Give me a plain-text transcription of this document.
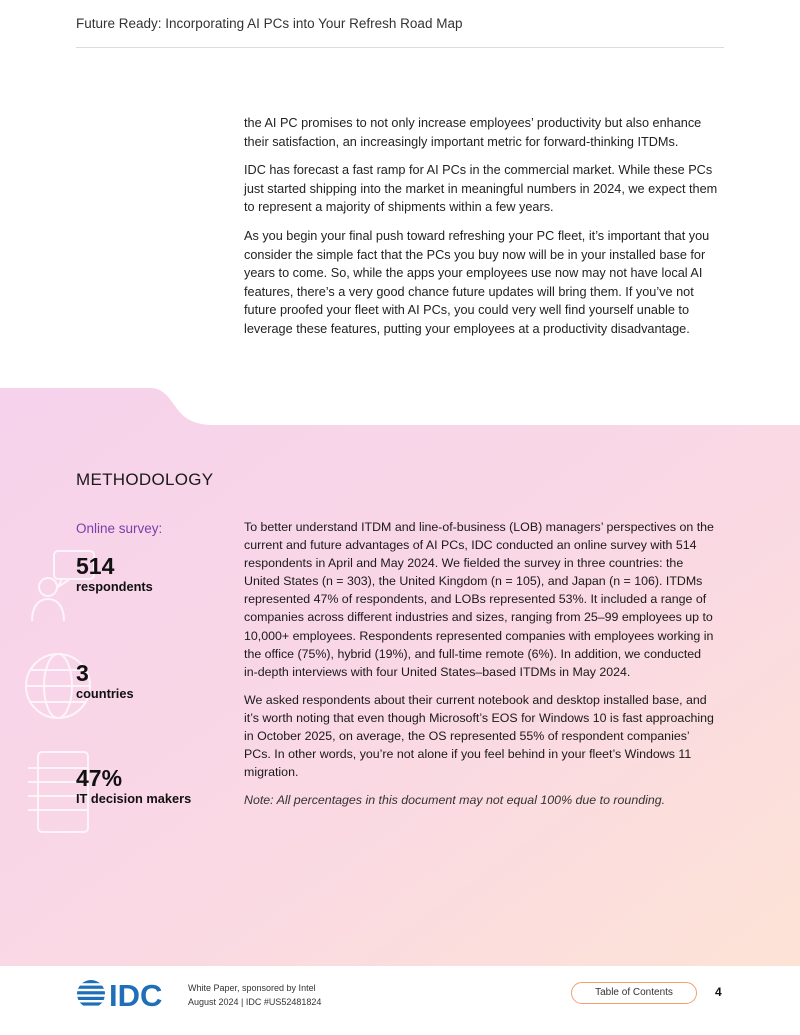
Future Ready: Incorporating AI PCs into Your Refresh Road Map

the AI PC promises to not only increase employees’ productivity but also enhance their satisfaction, an increasingly important metric for forward-thinking ITDMs.

IDC has forecast a fast ramp for AI PCs in the commercial market. While these PCs just started shipping into the market in meaningful numbers in 2024, we expect them to represent a majority of shipments within a few years.

As you begin your final push toward refreshing your PC fleet, it’s important that you consider the simple fact that the PCs you buy now will be in your installed base for years to come. So, while the apps your employees use now may not have local AI features, there’s a very good chance future updates will bring them. If you’ve not future proofed your fleet with AI PCs, you could very well find yourself unable to leverage these features, putting your employees at a productivity disadvantage.

METHODOLOGY
Online survey:
514
respondents
3
countries
47%
IT decision makers

To better understand ITDM and line-of-business (LOB) managers’ perspectives on the current and future advantages of AI PCs, IDC conducted an online survey with 514 respondents in April and May 2024. We fielded the survey in three countries: the United States (n = 303), the United Kingdom (n = 105), and Japan (n = 106). ITDMs represented 47% of respondents, and LOBs represented 53%. It included a range of companies across different industries and sizes, ranging from 25–99 employees up to 10,000+ employees. Respondents represented companies with employees working in the office (75%), hybrid (19%), and full-time remote (6%). In addition, we conducted in-depth interviews with four United States–based ITDMs in May 2024.

We asked respondents about their current notebook and desktop installed base, and it’s worth noting that even though Microsoft’s EOS for Windows 10 is fast approaching in October 2025, on average, the OS represented 55% of respondent companies’ PCs. In other words, you’re not alone if you feel behind in your fleet’s Windows 11 migration.

Note: All percentages in this document may not equal 100% due to rounding.

IDC	White Paper, sponsored by Intel
August 2024 | IDC #US52481824
Table of Contents	4
